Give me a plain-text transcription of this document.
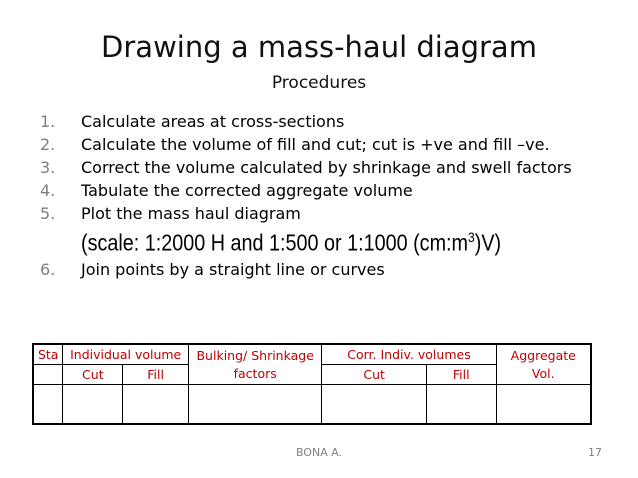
Drawing a mass-haul diagram
Procedures
1. Calculate areas at cross-sections
2. Calculate the volume of fill and cut; cut is +ve and fill –ve.
3. Correct the volume calculated by shrinkage and swell factors
4. Tabulate the corrected aggregate volume
5. Plot the mass haul diagram
(scale: 1:2000 H and 1:500 or 1:1000 $(cm:m^3)V$)
6. Join points by a straight line or curves
Sta	Individual volume		Bulking/ Shrinkage factors	Corr. Indiv. volumes		Aggregate Vol.
	Cut	Fill		Cut	Fill	

BONA A.	17
